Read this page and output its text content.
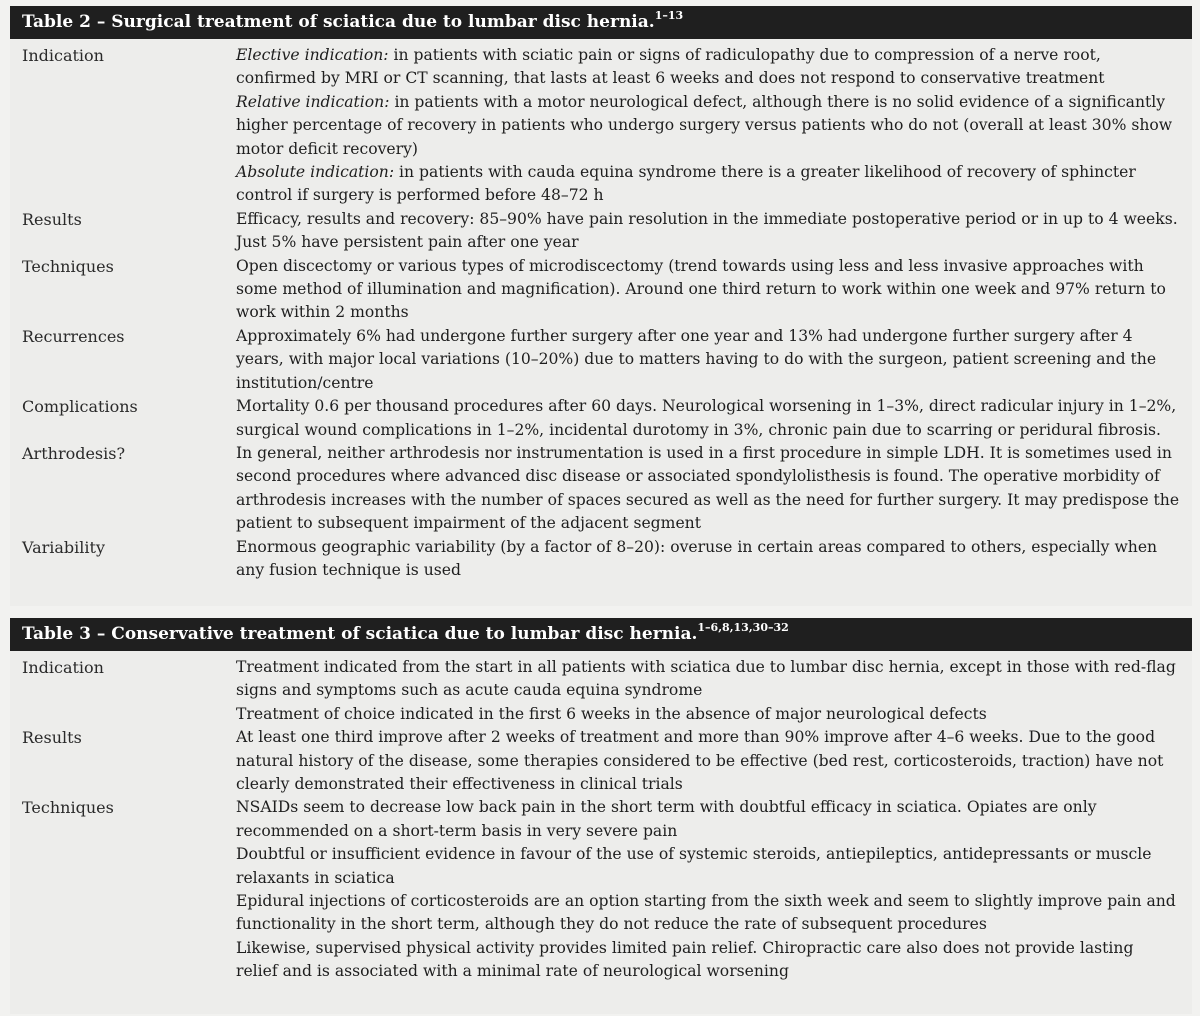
Table 2 – Surgical treatment of sciatica due to lumbar disc hernia.$^{1-13}$
Indication	Elective indication: in patients with sciatic pain or signs of radiculopathy due to compression of a nerve root, confirmed by MRI or CT scanning, that lasts at least 6 weeks and does not respond to conservative treatment

Relative indication: in patients with a motor neurological defect, although there is no solid evidence of a significantly higher percentage of recovery in patients who undergo surgery versus patients who do not (overall at least 30% show motor deficit recovery)

Absolute indication: in patients with cauda equina syndrome there is a greater likelihood of recovery of sphincter control if surgery is performed before 48–72 h

Results	Efficacy, results and recovery: 85–90% have pain resolution in the immediate postoperative period or in up to 4 weeks. Just 5% have persistent pain after one year

Techniques	Open discectomy or various types of microdiscectomy (trend towards using less and less invasive approaches with some method of illumination and magnification). Around one third return to work within one week and 97% return to work within 2 months

Recurrences	Approximately 6% had undergone further surgery after one year and 13% had undergone further surgery after 4 years, with major local variations (10–20%) due to matters having to do with the surgeon, patient screening and the institution/centre

Complications	Mortality 0.6 per thousand procedures after 60 days. Neurological worsening in 1–3%, direct radicular injury in 1–2%, surgical wound complications in 1–2%, incidental durotomy in 3%, chronic pain due to scarring or peridural fibrosis.

Arthrodesis?	In general, neither arthrodesis nor instrumentation is used in a first procedure in simple LDH. It is sometimes used in second procedures where advanced disc disease or associated spondylolisthesis is found. The operative morbidity of arthrodesis increases with the number of spaces secured as well as the need for further surgery. It may predispose the patient to subsequent impairment of the adjacent segment

Variability	Enormous geographic variability (by a factor of 8–20): overuse in certain areas compared to others, especially when any fusion technique is used

Table 3 – Conservative treatment of sciatica due to lumbar disc hernia.$^{1-6,8,13,30-32}$
Indication	Treatment indicated from the start in all patients with sciatica due to lumbar disc hernia, except in those with red-flag signs and symptoms such as acute cauda equina syndrome

Treatment of choice indicated in the first 6 weeks in the absence of major neurological defects

Results	At least one third improve after 2 weeks of treatment and more than 90% improve after 4–6 weeks. Due to the good natural history of the disease, some therapies considered to be effective (bed rest, corticosteroids, traction) have not clearly demonstrated their effectiveness in clinical trials

Techniques	NSAIDs seem to decrease low back pain in the short term with doubtful efficacy in sciatica. Opiates are only recommended on a short-term basis in very severe pain

Doubtful or insufficient evidence in favour of the use of systemic steroids, antiepileptics, antidepressants or muscle relaxants in sciatica

Epidural injections of corticosteroids are an option starting from the sixth week and seem to slightly improve pain and functionality in the short term, although they do not reduce the rate of subsequent procedures

Likewise, supervised physical activity provides limited pain relief. Chiropractic care also does not provide lasting relief and is associated with a minimal rate of neurological worsening
